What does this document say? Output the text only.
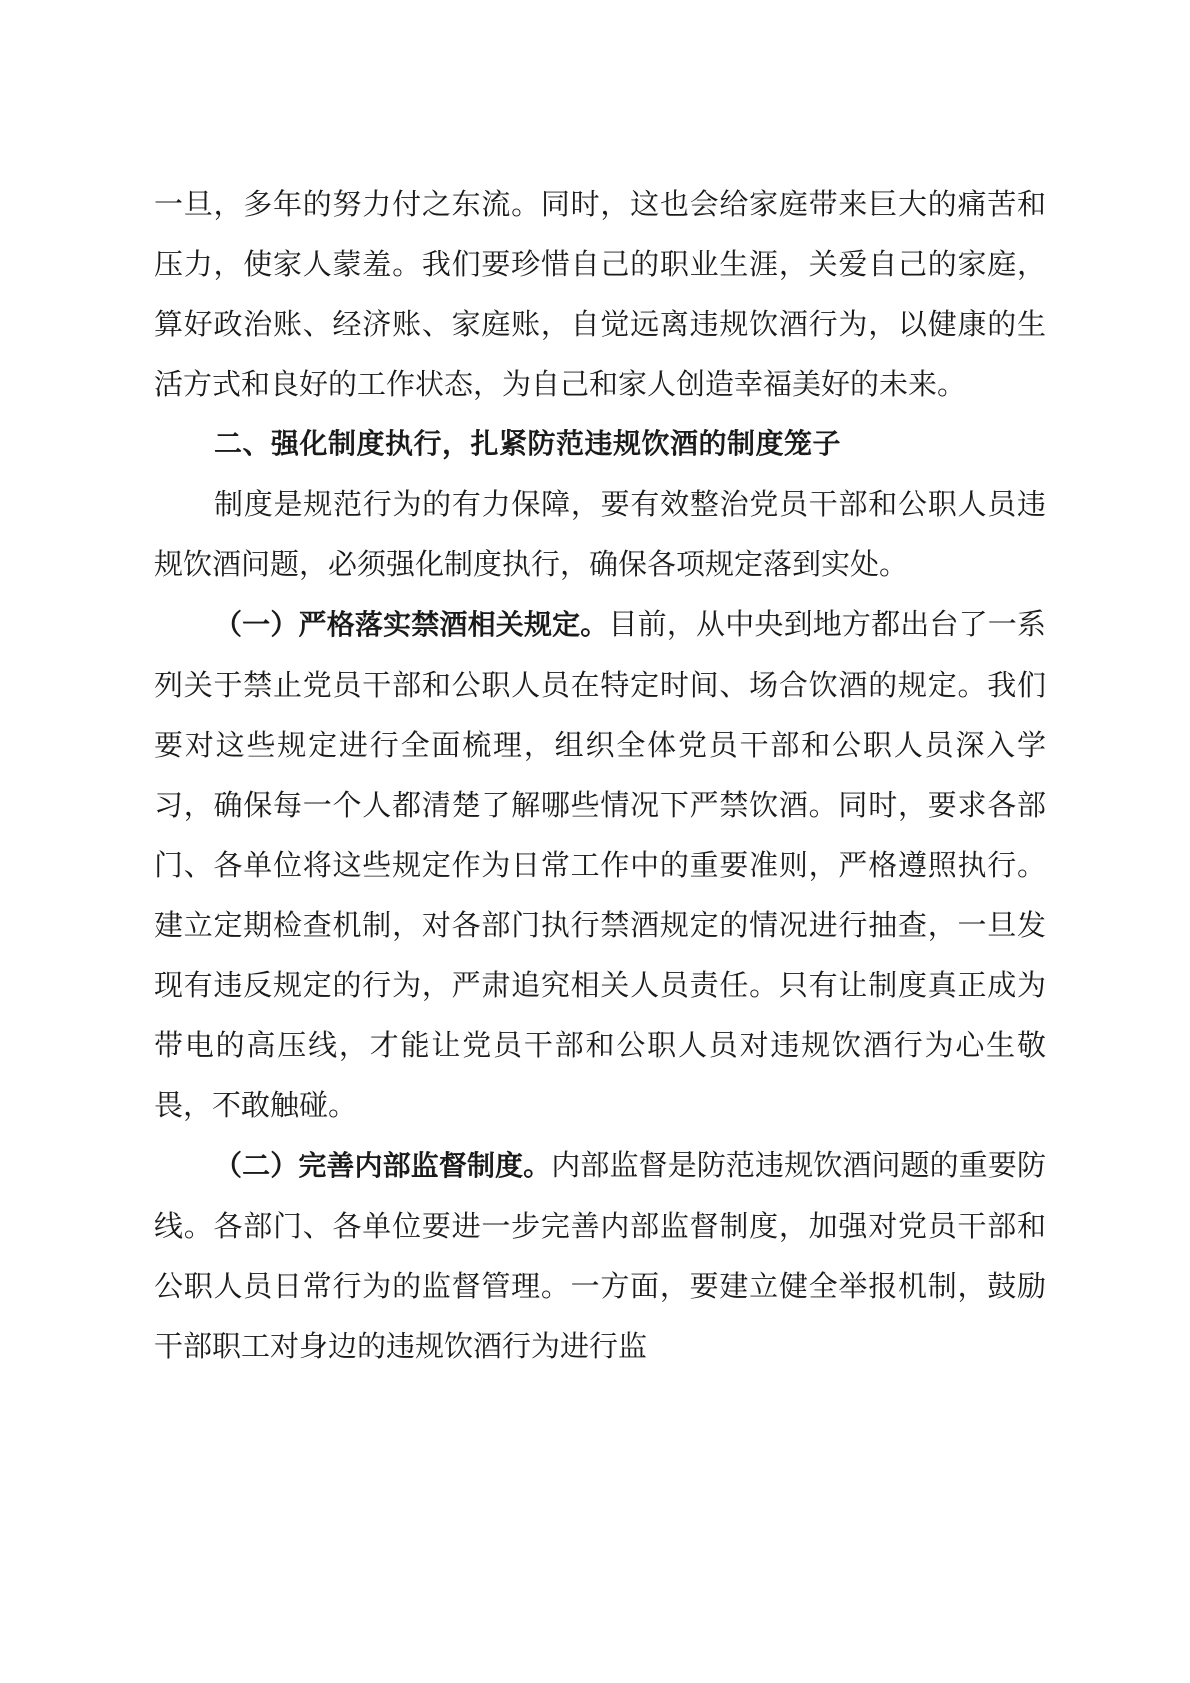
一旦，多年的努力付之东流。同时，这也会给家庭带来巨大的痛苦和压力，使家人蒙羞。我们要珍惜自己的职业生涯，关爱自己的家庭，算好政治账、经济账、家庭账，自觉远离违规饮酒行为，以健康的生活方式和良好的工作状态，为自己和家人创造幸福美好的未来。

二、强化制度执行，扎紧防范违规饮酒的制度笼子

制度是规范行为的有力保障，要有效整治党员干部和公职人员违规饮酒问题，必须强化制度执行，确保各项规定落到实处。

（一）严格落实禁酒相关规定。目前，从中央到地方都出台了一系列关于禁止党员干部和公职人员在特定时间、场合饮酒的规定。我们要对这些规定进行全面梳理，组织全体党员干部和公职人员深入学习，确保每一个人都清楚了解哪些情况下严禁饮酒。同时，要求各部门、各单位将这些规定作为日常工作中的重要准则，严格遵照执行。建立定期检查机制，对各部门执行禁酒规定的情况进行抽查，一旦发现有违反规定的行为，严肃追究相关人员责任。只有让制度真正成为带电的高压线，才能让党员干部和公职人员对违规饮酒行为心生敬畏，不敢触碰。

（二）完善内部监督制度。内部监督是防范违规饮酒问题的重要防线。各部门、各单位要进一步完善内部监督制度，加强对党员干部和公职人员日常行为的监督管理。一方面，要建立健全举报机制，鼓励干部职工对身边的违规饮酒行为进行监
